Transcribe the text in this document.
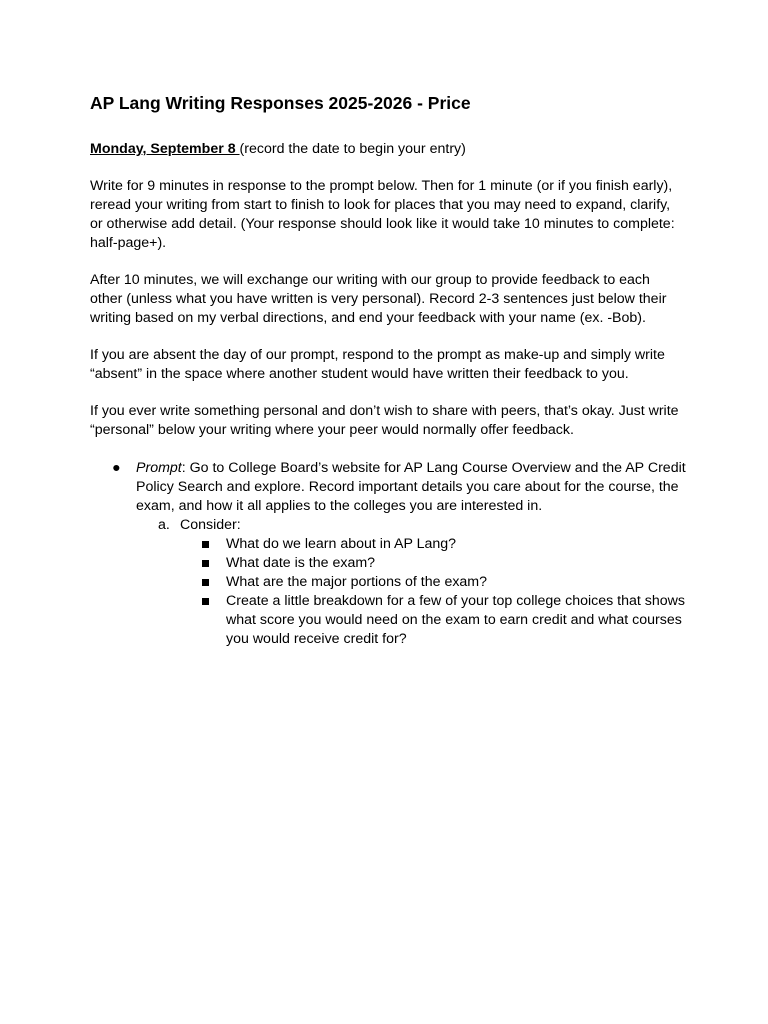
AP Lang Writing Responses 2025-2026 - Price

Monday, September 8 (record the date to begin your entry)

Write for 9 minutes in response to the prompt below. Then for 1 minute (or if you finish early), reread your writing from start to finish to look for places that you may need to expand, clarify, or otherwise add detail. (Your response should look like it would take 10 minutes to complete: half-page+).

After 10 minutes, we will exchange our writing with our group to provide feedback to each other (unless what you have written is very personal). Record 2-3 sentences just below their writing based on my verbal directions, and end your feedback with your name (ex. -Bob).

If you are absent the day of our prompt, respond to the prompt as make-up and simply write “absent” in the space where another student would have written their feedback to you.

If you ever write something personal and don’t wish to share with peers, that’s okay. Just write “personal” below your writing where your peer would normally offer feedback.

● Prompt: Go to College Board’s website for AP Lang Course Overview and the AP Credit Policy Search and explore. Record important details you care about for the course, the exam, and how it all applies to the colleges you are interested in.
a. Consider:
What do we learn about in AP Lang?
What date is the exam?
What are the major portions of the exam?
Create a little breakdown for a few of your top college choices that shows what score you would need on the exam to earn credit and what courses you would receive credit for?
